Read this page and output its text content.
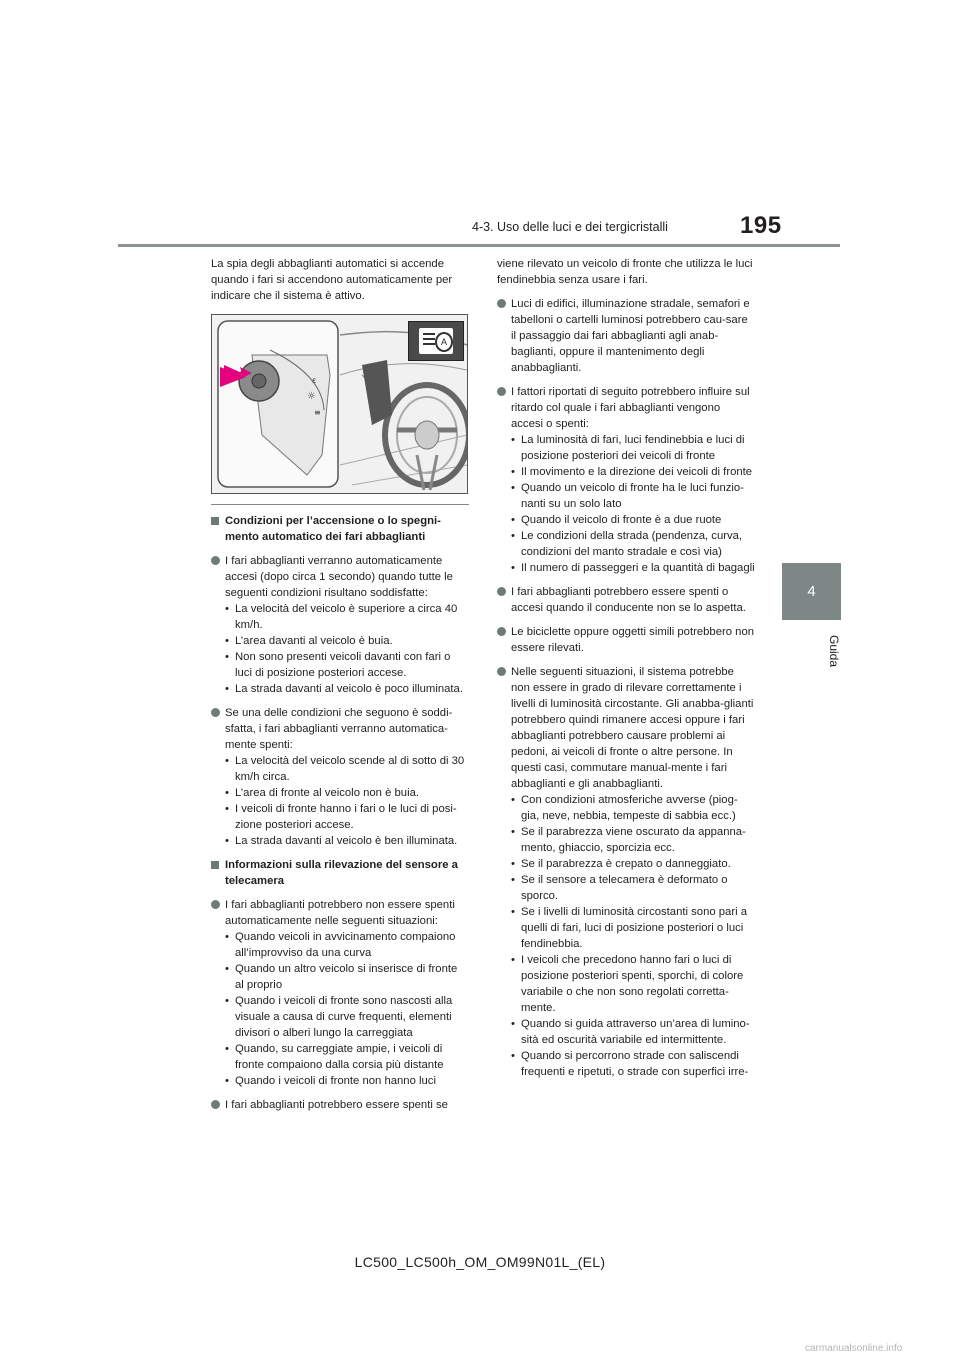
4-3. Uso delle luci e dei tergicristalli	195
4
Guida

La spia degli abbaglianti automatici si accende quando i fari si accendono automaticamente per indicare che il sistema è attivo.

☼
ε
≡
A
Condizioni per l’accensione o lo spegni-mento automatico dei fari abbaglianti

I fari abbaglianti verranno automaticamente accesi (dopo circa 1 secondo) quando tutte le seguenti condizioni risultano soddisfatte:

• La velocità del veicolo è superiore a circa 40 km/h.
• L’area davanti al veicolo è buia.
• Non sono presenti veicoli davanti con fari o luci di posizione posteriori accese.
• La strada davanti al veicolo è poco illuminata.

Se una delle condizioni che seguono è soddi-sfatta, i fari abbaglianti verranno automatica-mente spenti:

• La velocità del veicolo scende al di sotto di 30 km/h circa.
• L’area di fronte al veicolo non è buia.
• I veicoli di fronte hanno i fari o le luci di posi-zione posteriori accese.
• La strada davanti al veicolo è ben illuminata.
Informazioni sulla rilevazione del sensore a telecamera

I fari abbaglianti potrebbero non essere spenti automaticamente nelle seguenti situazioni:

• Quando veicoli in avvicinamento compaiono all’improvviso da una curva
• Quando un altro veicolo si inserisce di fronte al proprio
• Quando i veicoli di fronte sono nascosti alla visuale a causa di curve frequenti, elementi divisori o alberi lungo la carreggiata
• Quando, su carreggiate ampie, i veicoli di fronte compaiono dalla corsia più distante
• Quando i veicoli di fronte non hanno luci

I fari abbaglianti potrebbero essere spenti se

viene rilevato un veicolo di fronte che utilizza le luci fendinebbia senza usare i fari.

Luci di edifici, illuminazione stradale, semafori e tabelloni o cartelli luminosi potrebbero cau-sare il passaggio dai fari abbaglianti agli anab-baglianti, oppure il mantenimento degli anabbaglianti.

I fattori riportati di seguito potrebbero influire sul ritardo col quale i fari abbaglianti vengono accesi o spenti:

• La luminosità di fari, luci fendinebbia e luci di posizione posteriori dei veicoli di fronte
• Il movimento e la direzione dei veicoli di fronte
• Quando un veicolo di fronte ha le luci funzio-nanti su un solo lato
• Quando il veicolo di fronte è a due ruote
• Le condizioni della strada (pendenza, curva, condizioni del manto stradale e così via)
• Il numero di passeggeri e la quantità di bagagli

I fari abbaglianti potrebbero essere spenti o accesi quando il conducente non se lo aspetta.

Le biciclette oppure oggetti simili potrebbero non essere rilevati.

Nelle seguenti situazioni, il sistema potrebbe non essere in grado di rilevare correttamente i livelli di luminosità circostante. Gli anabba-glianti potrebbero quindi rimanere accesi oppure i fari abbaglianti potrebbero causare problemi ai pedoni, ai veicoli di fronte o altre persone. In questi casi, commutare manual-mente i fari abbaglianti e gli anabbaglianti.

• Con condizioni atmosferiche avverse (piog-gia, neve, nebbia, tempeste di sabbia ecc.)
• Se il parabrezza viene oscurato da appanna-mento, ghiaccio, sporcizia ecc.
• Se il parabrezza è crepato o danneggiato.
• Se il sensore a telecamera è deformato o sporco.
• Se i livelli di luminosità circostanti sono pari a quelli di fari, luci di posizione posteriori o luci fendinebbia.
• I veicoli che precedono hanno fari o luci di posizione posteriori spenti, sporchi, di colore variabile o che non sono regolati corretta-mente.
• Quando si guida attraverso un’area di lumino-sità ed oscurità variabile ed intermittente.
• Quando si percorrono strade con saliscendi frequenti e ripetuti, o strade con superfici irre-
LC500_LC500h_OM_OM99N01L_(EL)
carmanualsonline.info
